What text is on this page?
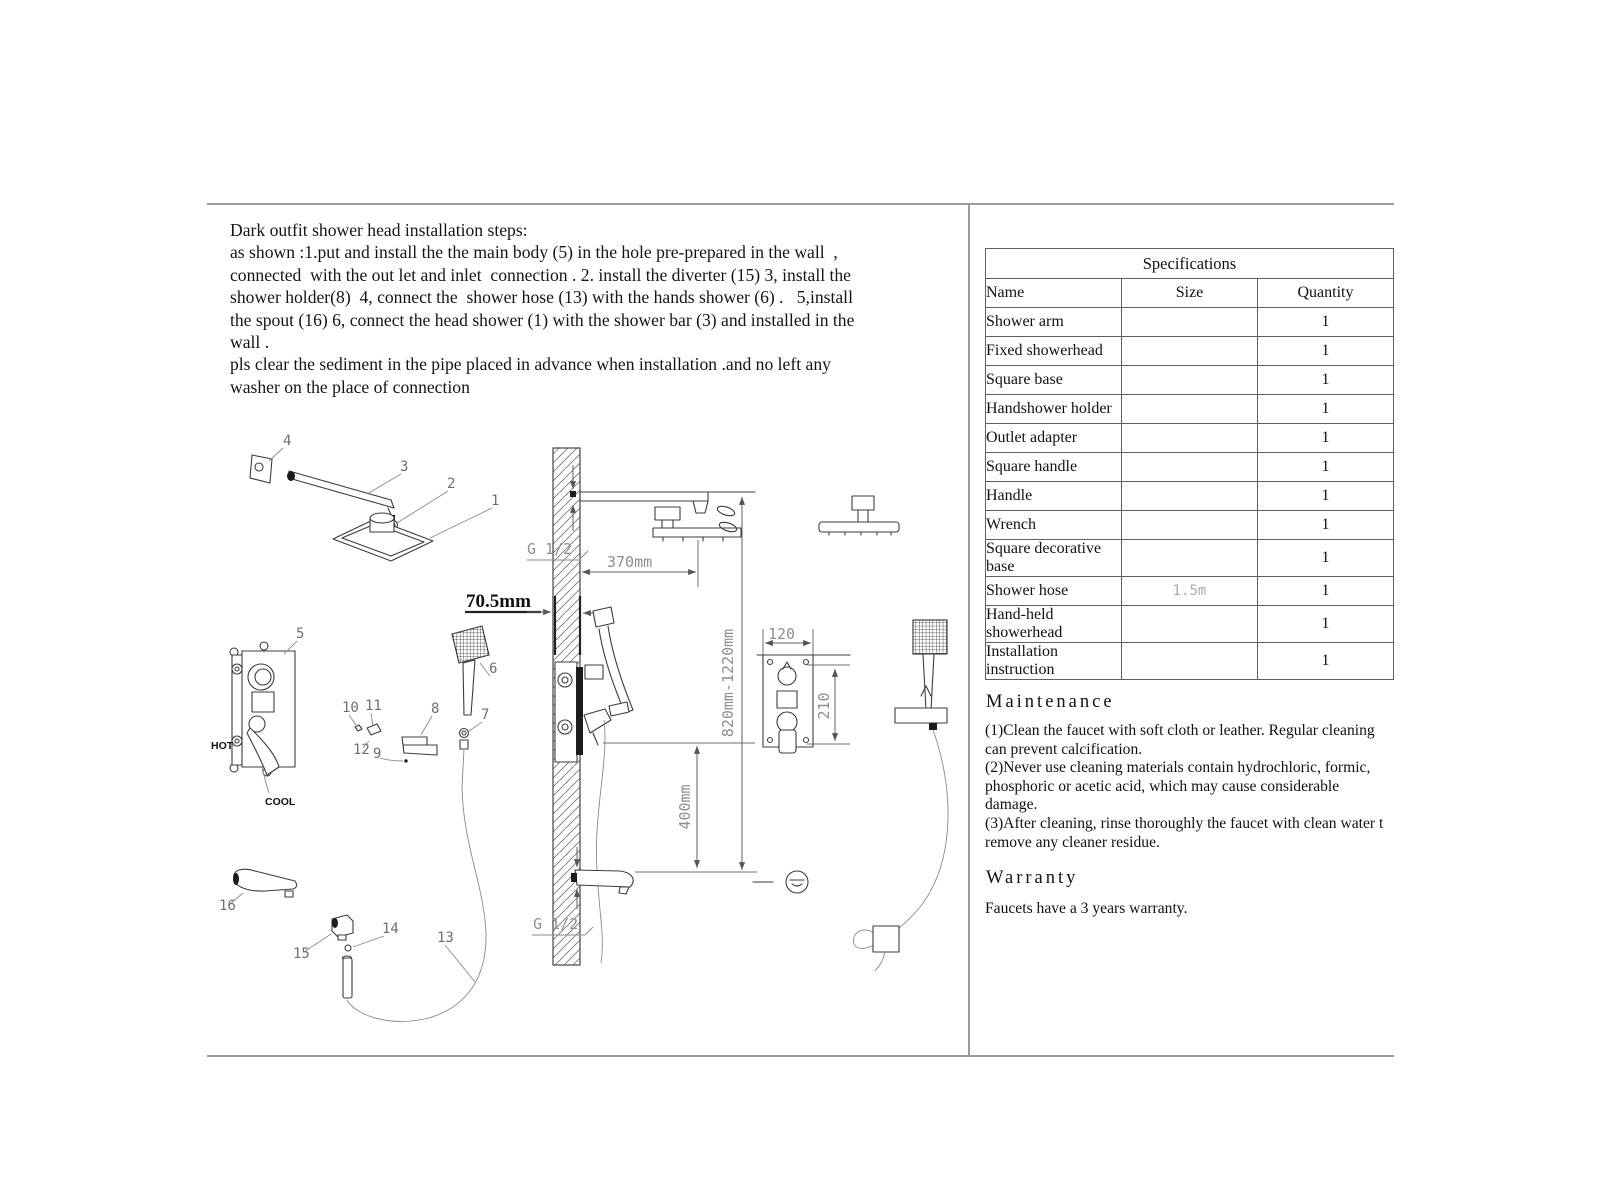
Dark outfit shower head installation steps:
as shown :1.put and install the the main body (5) in the hole pre-prepared in the wall  ,
connected  with the out let and inlet  connection . 2. install the diverter (15) 3, install the
shower holder(8)  4, connect the  shower hose (13) with the hands shower (6) .   5,install
the spout (16) 6, connect the head shower (1) with the shower bar (3) and installed in the
wall .
pls clear the sediment in the pipe placed in advance when installation .and no left any
washer on the place of connection
G 1/2
370mm
70.5mm
820mm-1220mm
400mm
G 1/2
120
210
4
3
2
1
5
HOT
COOL
10 11
12 9
8
6
7
13
14
15
16
Specifications		
Name	Size	Quantity
Shower arm		1
Fixed showerhead		1
Square base		1
Handshower holder		1
Outlet adapter		1
Square handle		1
Handle		1
Wrench		1
Square decorative base		1
Shower hose	1.5m	1
Hand-held showerhead		1
Installation instruction		1
Maintenance
(1)Clean the faucet with soft cloth or leather. Regular cleaning
can prevent calcification.
(2)Never use cleaning materials contain hydrochloric, formic,
phosphoric or acetic acid, which may cause considerable
damage.
(3)After cleaning, rinse thoroughly the faucet with clean water t
remove any cleaner residue.
Warranty
Faucets have a 3 years warranty.
